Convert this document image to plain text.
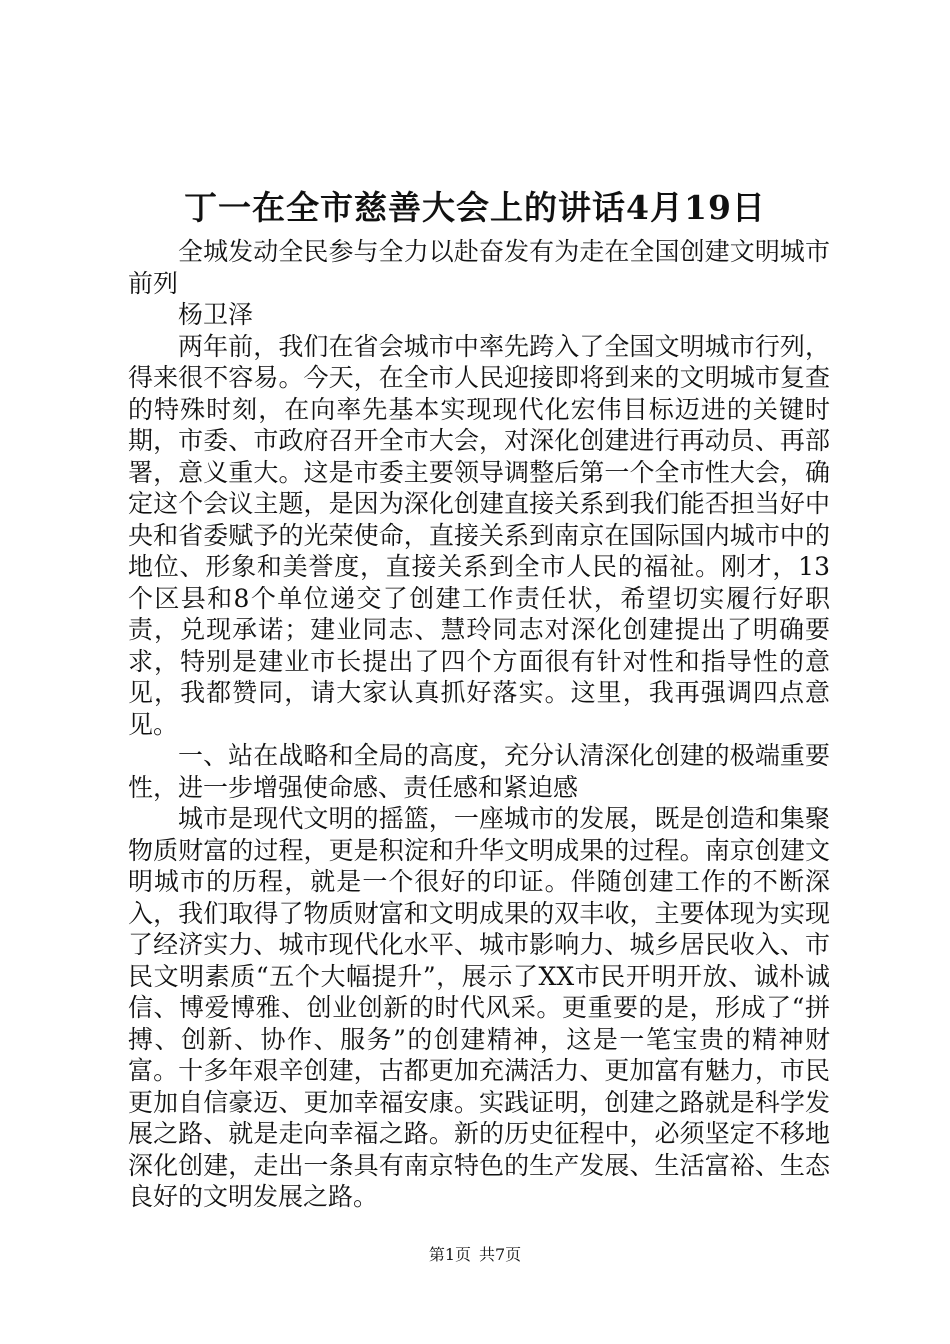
丁一在全市慈善大会上的讲话4月19日

全城发动全民参与全力以赴奋发有为走在全国创建文明城市前列

杨卫泽

两年前，我们在省会城市中率先跨入了全国文明城市行列，得来很不容易。今天，在全市人民迎接即将到来的文明城市复查的特殊时刻，在向率先基本实现现代化宏伟目标迈进的关键时期，市委、市政府召开全市大会，对深化创建进行再动员、再部署，意义重大。这是市委主要领导调整后第一个全市性大会，确定这个会议主题，是因为深化创建直接关系到我们能否担当好中央和省委赋予的光荣使命，直接关系到南京在国际国内城市中的地位、形象和美誉度，直接关系到全市人民的福祉。刚才，13个区县和8个单位递交了创建工作责任状，希望切实履行好职责，兑现承诺；建业同志、慧玲同志对深化创建提出了明确要求，特别是建业市长提出了四个方面很有针对性和指导性的意见，我都赞同，请大家认真抓好落实。这里，我再强调四点意见。

一、站在战略和全局的高度，充分认清深化创建的极端重要性，进一步增强使命感、责任感和紧迫感

城市是现代文明的摇篮，一座城市的发展，既是创造和集聚物质财富的过程，更是积淀和升华文明成果的过程。南京创建文明城市的历程，就是一个很好的印证。伴随创建工作的不断深入，我们取得了物质财富和文明成果的双丰收，主要体现为实现了经济实力、城市现代化水平、城市影响力、城乡居民收入、市民文明素质“五个大幅提升”，展示了XX市民开明开放、诚朴诚信、博爱博雅、创业创新的时代风采。更重要的是，形成了“拼搏、创新、协作、服务”的创建精神，这是一笔宝贵的精神财富。十多年艰辛创建，古都更加充满活力、更加富有魅力，市民更加自信豪迈、更加幸福安康。实践证明，创建之路就是科学发展之路、就是走向幸福之路。新的历史征程中，必须坚定不移地深化创建，走出一条具有南京特色的生产发展、生活富裕、生态良好的文明发展之路。

第1页 共7页
